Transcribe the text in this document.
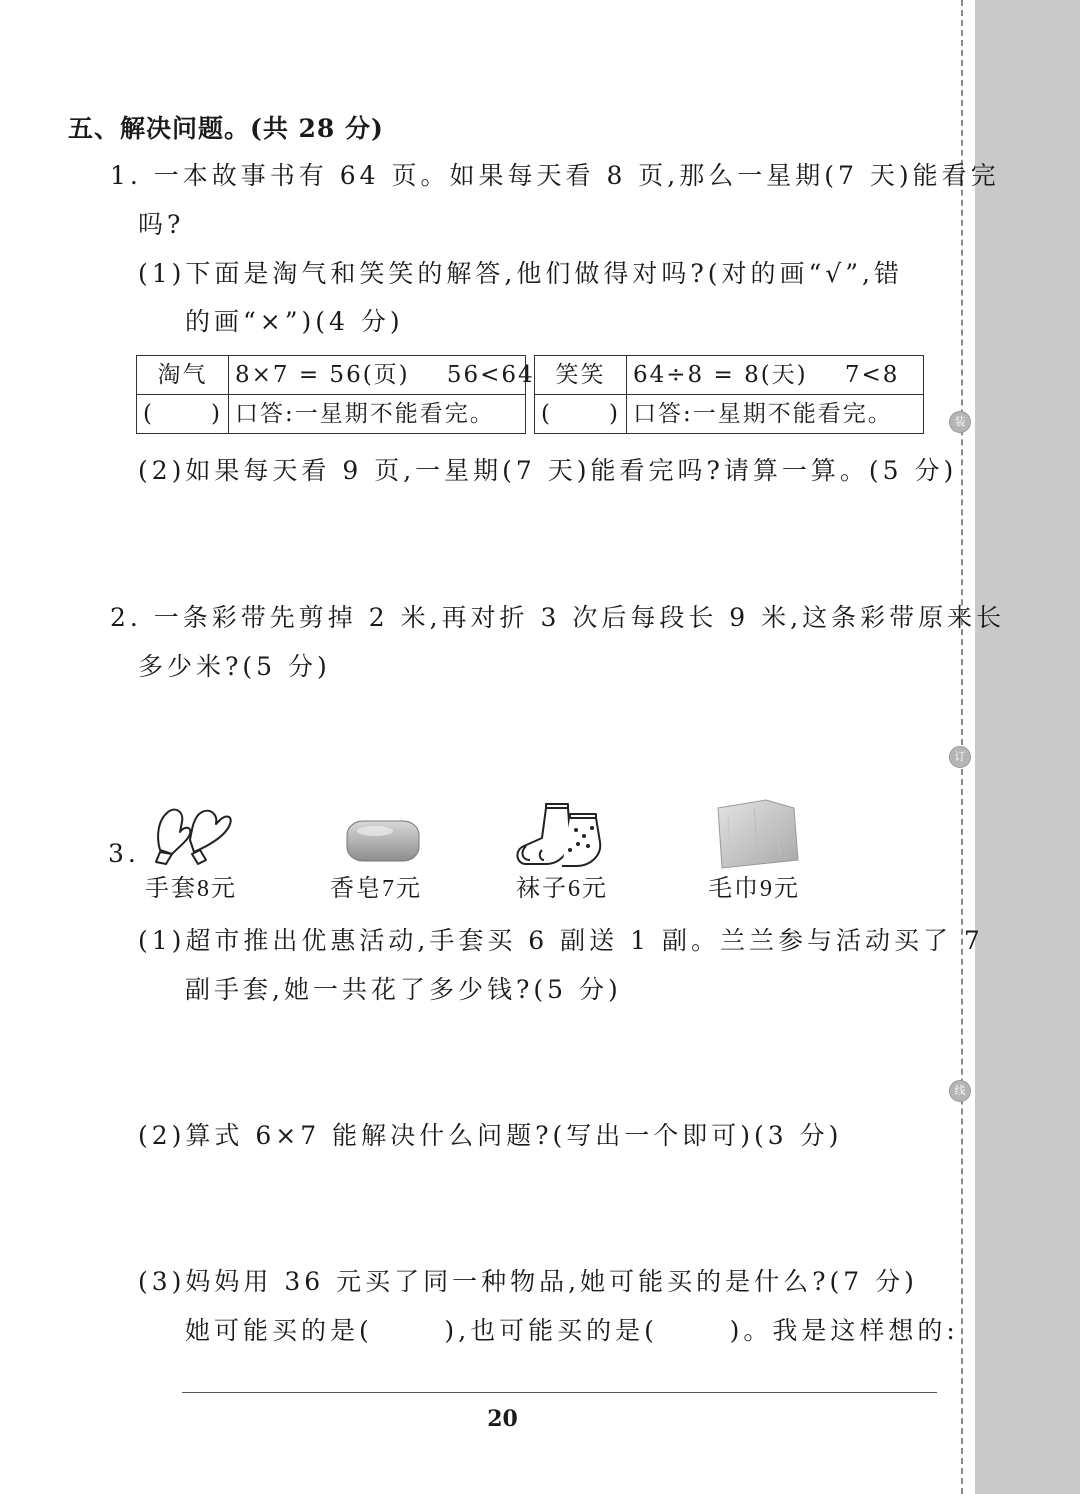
装
订
线
五、解决问题。(共 28 分)
1. 一本故事书有 64 页。如果每天看 8 页,那么一星期(7 天)能看完
吗?
(1)下面是淘气和笑笑的解答,他们做得对吗?(对的画“√”,错
的画“×”)(4 分)
淘气	8×7 = 56(页)    56<64

( )	口答:一星期不能看完。
笑笑	64÷8 = 8(天)    7<8

( )	口答:一星期不能看完。
(2)如果每天看 9 页,一星期(7 天)能看完吗?请算一算。(5 分)
2. 一条彩带先剪掉 2 米,再对折 3 次后每段长 9 米,这条彩带原来长
多少米?(5 分)
3.
手套8元	香皂7元	袜子6元	毛巾9元
(1)超市推出优惠活动,手套买 6 副送 1 副。兰兰参与活动买了 7
副手套,她一共花了多少钱?(5 分)
(2)算式 6×7 能解决什么问题?(写出一个即可)(3 分)
(3)妈妈用 36 元买了同一种物品,她可能买的是什么?(7 分)
她可能买的是(      ),也可能买的是(      )。我是这样想的:
20
